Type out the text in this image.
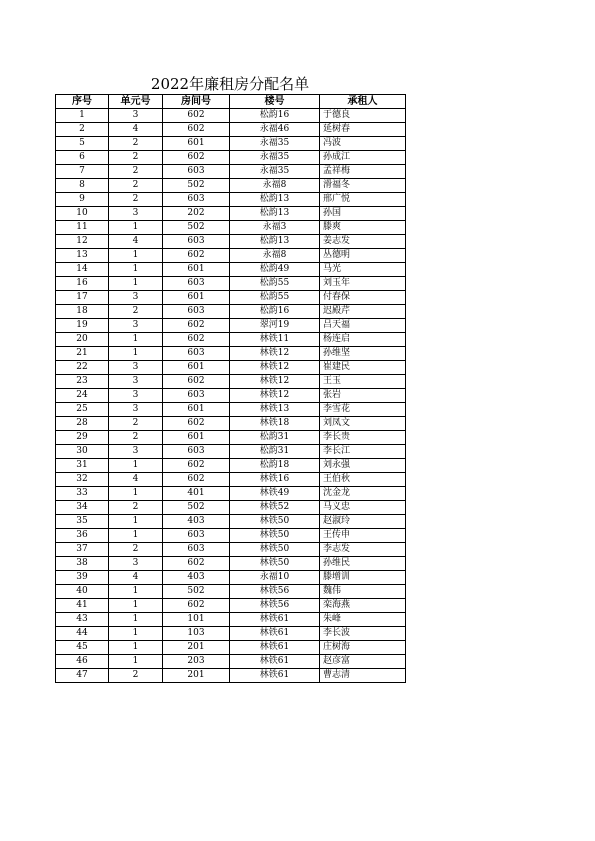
2022年廉租房分配名单
序号	单元号	房间号	楼号	承租人
1	3	602	松韵16	于德良
2	4	602	永福46	延树春
5	2	601	永福35	冯波
6	2	602	永福35	孙成江
7	2	603	永福35	孟祥梅
8	2	502	永福8	滑福冬
9	2	603	松韵13	邢广悦
10	3	202	松韵13	孙国
11	1	502	永福3	滕爽
12	4	603	松韵13	姜志发
13	1	602	永福8	丛德明
14	1	601	松韵49	马光
16	1	603	松韵55	刘玉年
17	3	601	松韵55	付春保
18	2	603	松韵16	迟殿芹
19	3	602	翠河19	吕天福
20	1	602	林铁11	杨连启
21	1	603	林铁12	孙维坚
22	3	601	林铁12	崔建民
23	3	602	林铁12	王玉
24	3	603	林铁12	张岩
25	3	601	林铁13	李雪花
28	2	602	林铁18	刘凤文
29	2	601	松韵31	李长贵
30	3	603	松韵31	李长江
31	1	602	松韵18	刘永强
32	4	602	林铁16	王伯秋
33	1	401	林铁49	沈金龙
34	2	502	林铁52	马义忠
35	1	403	林铁50	赵淑玲
36	1	603	林铁50	王传申
37	2	603	林铁50	李志发
38	3	602	林铁50	孙维民
39	4	403	永福10	滕增训
40	1	502	林铁56	魏伟
41	1	602	林铁56	栾海燕
43	1	101	林铁61	朱峰
44	1	103	林铁61	李长波
45	1	201	林铁61	庄树海
46	1	203	林铁61	赵彦富
47	2	201	林铁61	曹志清
